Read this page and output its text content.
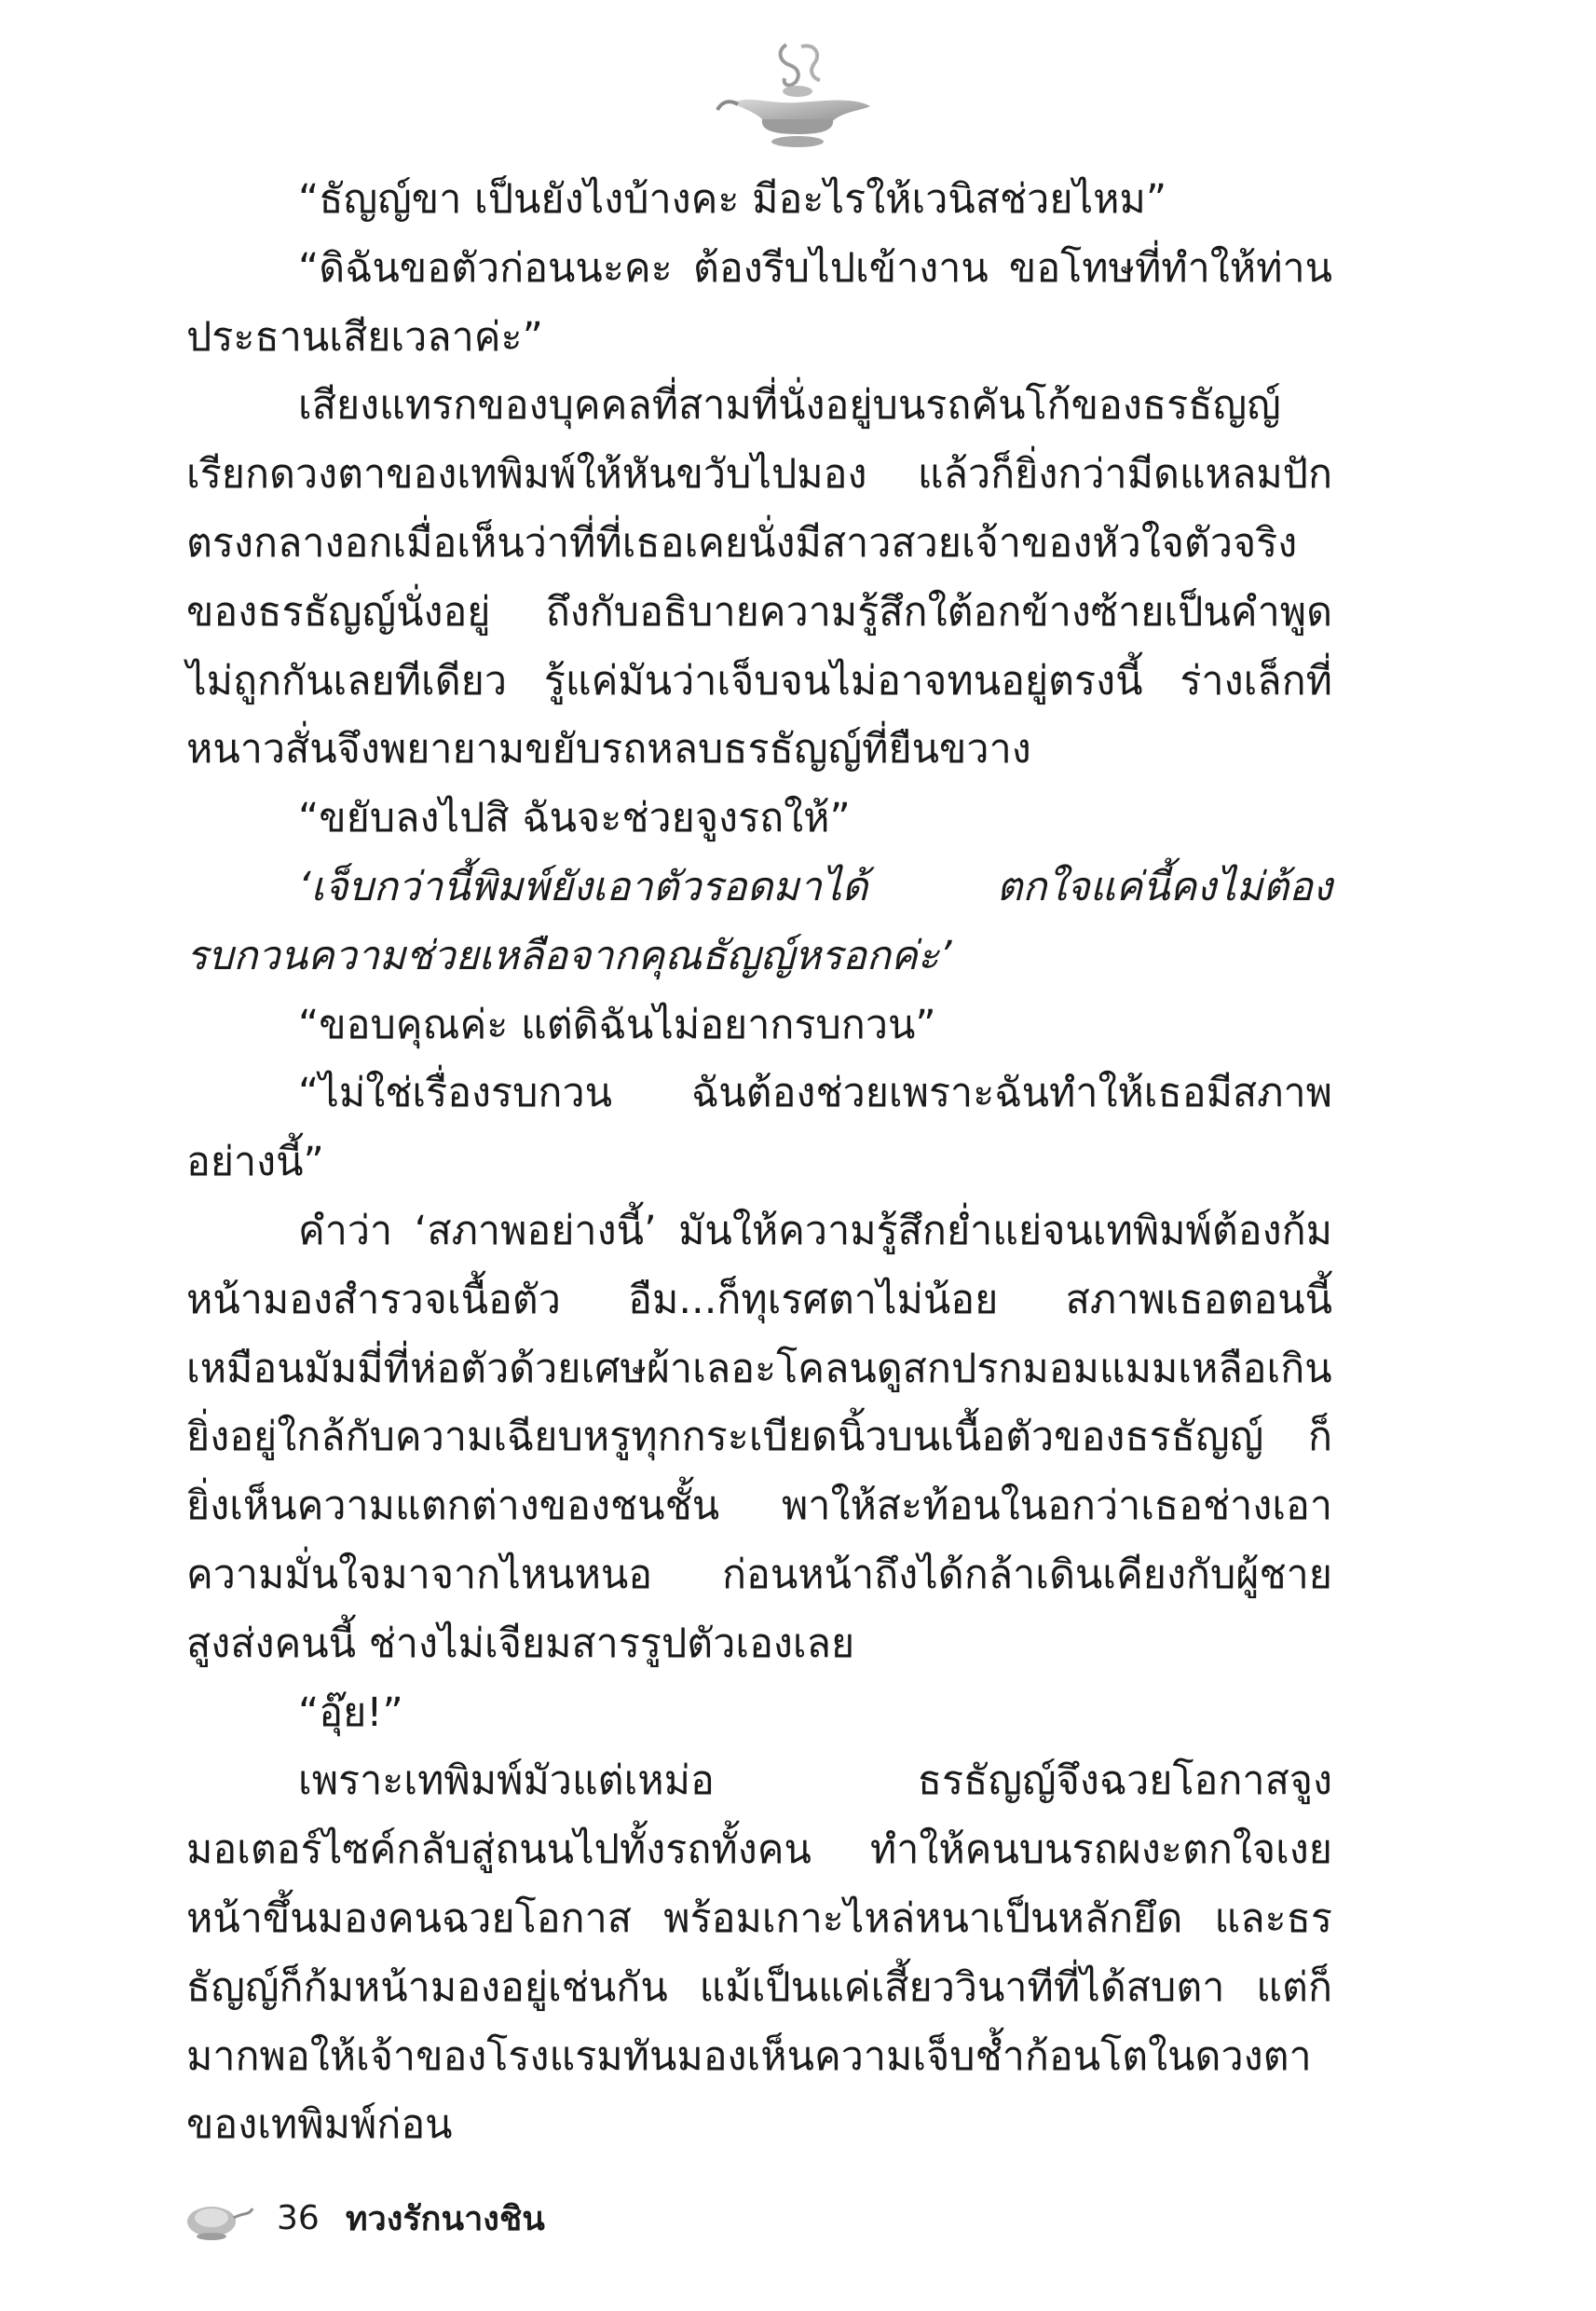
“ธัญญ์ขา เป็นยังไงบ้างคะ มีอะไรให้เวนิสช่วยไหม”

“ดิฉันขอตัวก่อนนะคะ ต้องรีบไปเข้างาน ขอโทษที่ทำให้ท่านประธานเสียเวลาค่ะ”

เสียงแทรกของบุคคลที่สามที่นั่งอยู่บนรถคันโก้ของธรธัญญ์เรียกดวงตาของเทพิมพ์ให้หันขวับไปมอง แล้วก็ยิ่งกว่ามีดแหลมปักตรงกลางอกเมื่อเห็นว่าที่ที่เธอเคยนั่งมีสาวสวยเจ้าของหัวใจตัวจริงของธรธัญญ์นั่งอยู่ ถึงกับอธิบายความรู้สึกใต้อกข้างซ้ายเป็นคำพูดไม่ถูกกันเลยทีเดียว รู้แค่มันว่าเจ็บจนไม่อาจทนอยู่ตรงนี้ ร่างเล็กที่หนาวสั่นจึงพยายามขยับรถหลบธรธัญญ์ที่ยืนขวาง

“ขยับลงไปสิ ฉันจะช่วยจูงรถให้”

‘เจ็บกว่านี้พิมพ์ยังเอาตัวรอดมาได้ ตกใจแค่นี้คงไม่ต้องรบกวนความช่วยเหลือจากคุณธัญญ์หรอกค่ะ’

“ขอบคุณค่ะ แต่ดิฉันไม่อยากรบกวน”

“ไม่ใช่เรื่องรบกวน ฉันต้องช่วยเพราะฉันทำให้เธอมีสภาพอย่างนี้”

คำว่า ‘สภาพอย่างนี้’ มันให้ความรู้สึกย่ำแย่จนเทพิมพ์ต้องก้มหน้ามองสำรวจเนื้อตัว อืม...ก็ทุเรศตาไม่น้อย สภาพเธอตอนนี้เหมือนมัมมี่ที่ห่อตัวด้วยเศษผ้าเลอะโคลนดูสกปรกมอมแมมเหลือเกิน ยิ่งอยู่ใกล้กับความเฉียบหรูทุกกระเบียดนิ้วบนเนื้อตัวของธรธัญญ์ ก็ยิ่งเห็นความแตกต่างของชนชั้น พาให้สะท้อนในอกว่าเธอช่างเอาความมั่นใจมาจากไหนหนอ ก่อนหน้าถึงได้กล้าเดินเคียงกับผู้ชายสูงส่งคนนี้ ช่างไม่เจียมสารรูปตัวเองเลย

“อุ๊ย!”

เพราะเทพิมพ์มัวแต่เหม่อ ธรธัญญ์จึงฉวยโอกาสจูงมอเตอร์ไซค์กลับสู่ถนนไปทั้งรถทั้งคน ทำให้คนบนรถผงะตกใจเงยหน้าขึ้นมองคนฉวยโอกาส พร้อมเกาะไหล่หนาเป็นหลักยึด และธรธัญญ์ก็ก้มหน้ามองอยู่เช่นกัน แม้เป็นแค่เสี้ยววินาทีที่ได้สบตา แต่ก็มากพอให้เจ้าของโรงแรมทันมองเห็นความเจ็บช้ำก้อนโตในดวงตาของเทพิมพ์ก่อน

36 ทวงรักนางชิน
